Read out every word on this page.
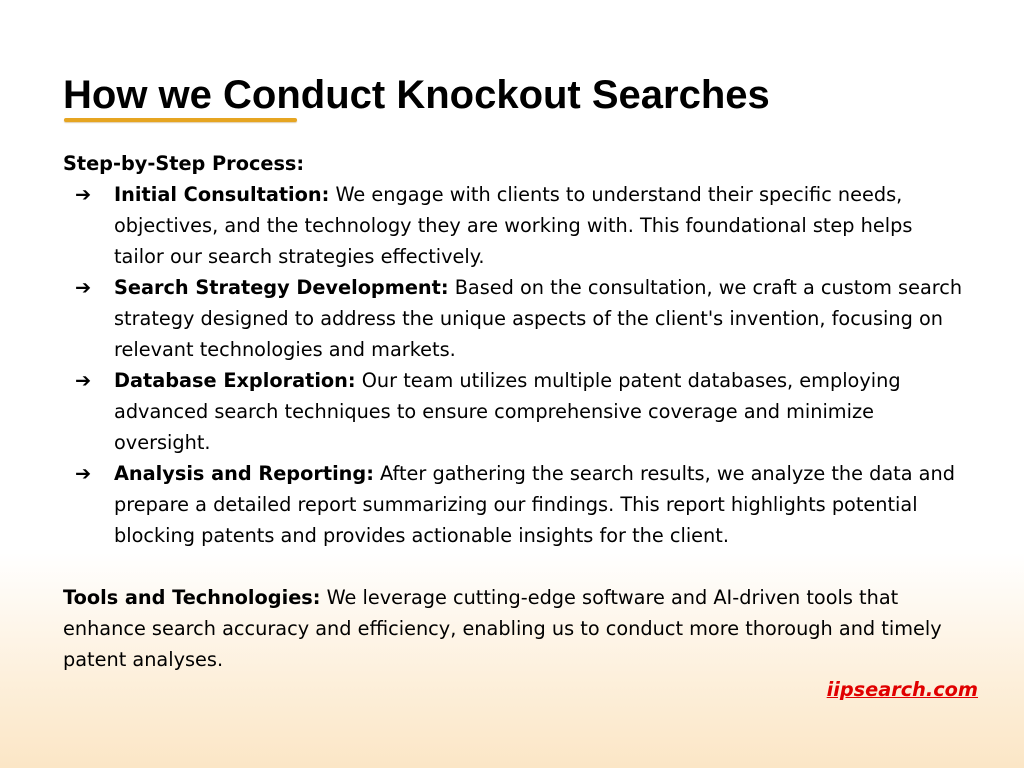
How we Conduct Knockout Searches
Step-by-Step Process:
➔ Initial Consultation: We engage with clients to understand their specific needs, objectives, and the technology they are working with. This foundational step helps tailor our search strategies effectively.
➔ Search Strategy Development: Based on the consultation, we craft a custom search strategy designed to address the unique aspects of the client's invention, focusing on relevant technologies and markets.
➔ Database Exploration: Our team utilizes multiple patent databases, employing advanced search techniques to ensure comprehensive coverage and minimize oversight.
➔ Analysis and Reporting: After gathering the search results, we analyze the data and prepare a detailed report summarizing our findings. This report highlights potential blocking patents and provides actionable insights for the client.
Tools and Technologies: We leverage cutting-edge software and AI-driven tools that enhance search accuracy and efficiency, enabling us to conduct more thorough and timely patent analyses.
iipsearch.com
